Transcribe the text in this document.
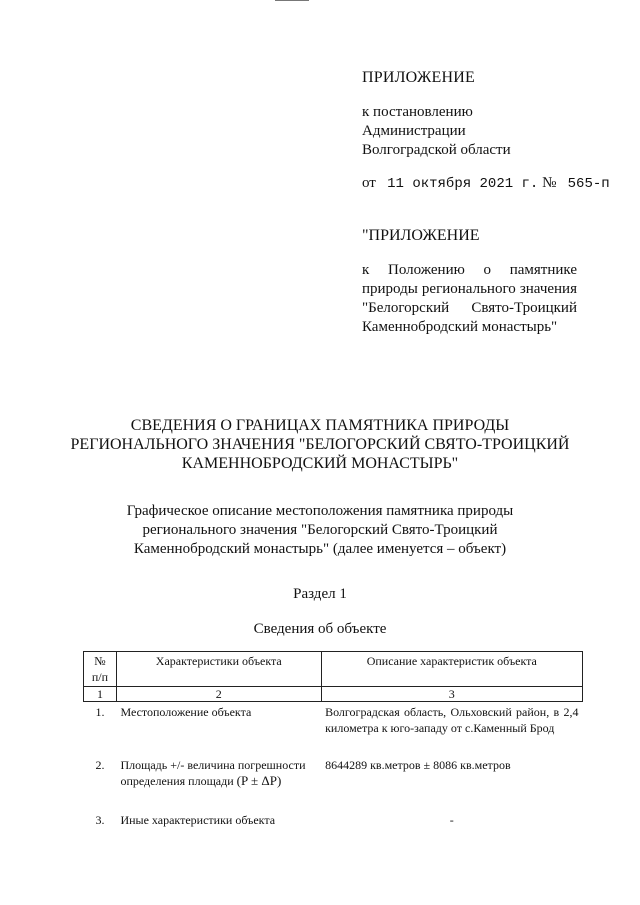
ПРИЛОЖЕНИЕ
к постановлению
Администрации
Волгоградской области
от 11 октября 2021 г. № 565-п
"ПРИЛОЖЕНИЕ
к Положению о памятнике природы регионального значения "Белогорский Свято-Троицкий Каменнобродский монастырь"
СВЕДЕНИЯ О ГРАНИЦАХ ПАМЯТНИКА ПРИРОДЫ
РЕГИОНАЛЬНОГО ЗНАЧЕНИЯ "БЕЛОГОРСКИЙ СВЯТО-ТРОИЦКИЙ
КАМЕННОБРОДСКИЙ МОНАСТЫРЬ"
Графическое описание местоположения памятника природы
регионального значения "Белогорский Свято-Троицкий
Каменнобродский монастырь" (далее именуется – объект)
Раздел 1
Сведения об объекте
№ п/п	Характеристики объекта	Описание характеристик объекта
1	2	3
1.	Местоположение объекта	Волгоградская область, Ольховский район, в 2,4 километра к юго-западу от с.Каменный Брод
2.	Площадь +/- величина погрешности определения площади (P ± ΔP)	8644289 кв.метров ± 8086 кв.метров
3.	Иные характеристики объекта	-
